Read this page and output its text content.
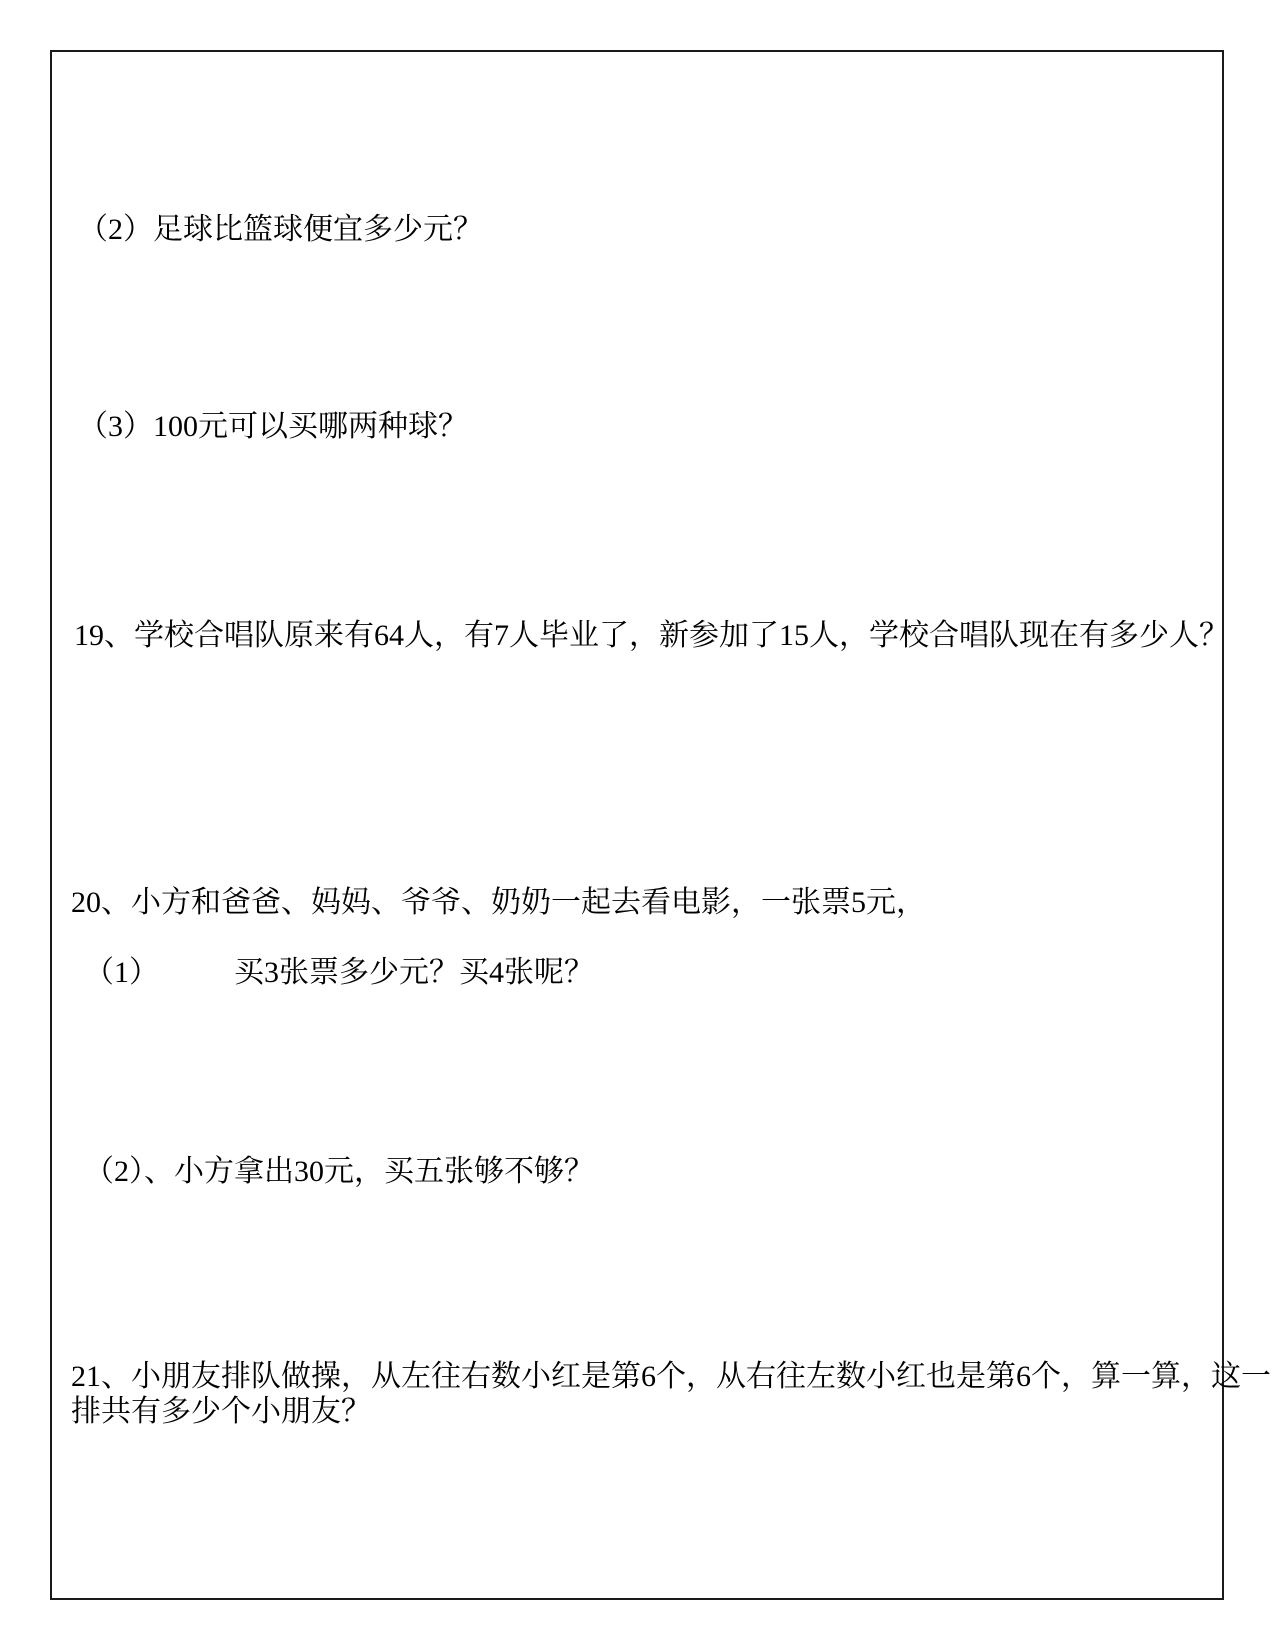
（2）足球比篮球便宜多少元？

（3）100元可以买哪两种球？

19、学校合唱队原来有64人，有7人毕业了，新参加了15人，学校合唱队现在有多少人？

20、小方和爸爸、妈妈、爷爷、奶奶一起去看电影，一张票5元，

（1）	买3张票多少元？买4张呢？

（2）、小方拿出30元，买五张够不够？

21、小朋友排队做操，从左往右数小红是第6个，从右往左数小红也是第6个，算一算，这一

排共有多少个小朋友？
